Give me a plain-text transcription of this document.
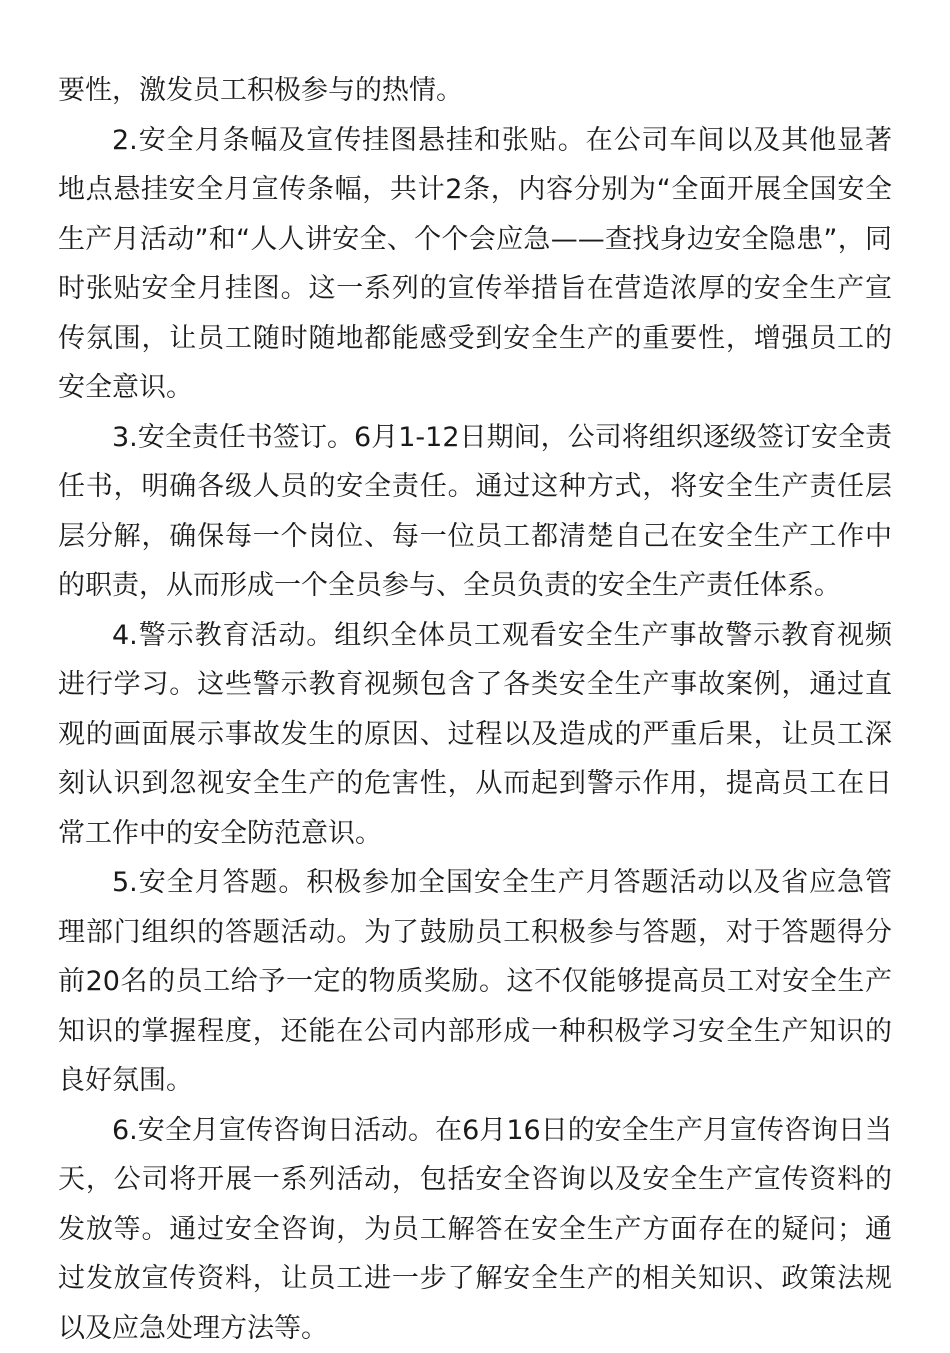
要性，激发员工积极参与的热情。

2.安全月条幅及宣传挂图悬挂和张贴。在公司车间以及其他显著地点悬挂安全月宣传条幅，共计2条，内容分别为“全面开展全国安全生产月活动”和“人人讲安全、个个会应急——查找身边安全隐患”，同时张贴安全月挂图。这一系列的宣传举措旨在营造浓厚的安全生产宣传氛围，让员工随时随地都能感受到安全生产的重要性，增强员工的安全意识。

3.安全责任书签订。6月1-12日期间，公司将组织逐级签订安全责任书，明确各级人员的安全责任。通过这种方式，将安全生产责任层层分解，确保每一个岗位、每一位员工都清楚自己在安全生产工作中的职责，从而形成一个全员参与、全员负责的安全生产责任体系。

4.警示教育活动。组织全体员工观看安全生产事故警示教育视频进行学习。这些警示教育视频包含了各类安全生产事故案例，通过直观的画面展示事故发生的原因、过程以及造成的严重后果，让员工深刻认识到忽视安全生产的危害性，从而起到警示作用，提高员工在日常工作中的安全防范意识。

5.安全月答题。积极参加全国安全生产月答题活动以及省应急管理部门组织的答题活动。为了鼓励员工积极参与答题，对于答题得分前20名的员工给予一定的物质奖励。这不仅能够提高员工对安全生产知识的掌握程度，还能在公司内部形成一种积极学习安全生产知识的良好氛围。

6.安全月宣传咨询日活动。在6月16日的安全生产月宣传咨询日当天，公司将开展一系列活动，包括安全咨询以及安全生产宣传资料的发放等。通过安全咨询，为员工解答在安全生产方面存在的疑问；通过发放宣传资料，让员工进一步了解安全生产的相关知识、政策法规以及应急处理方法等。
